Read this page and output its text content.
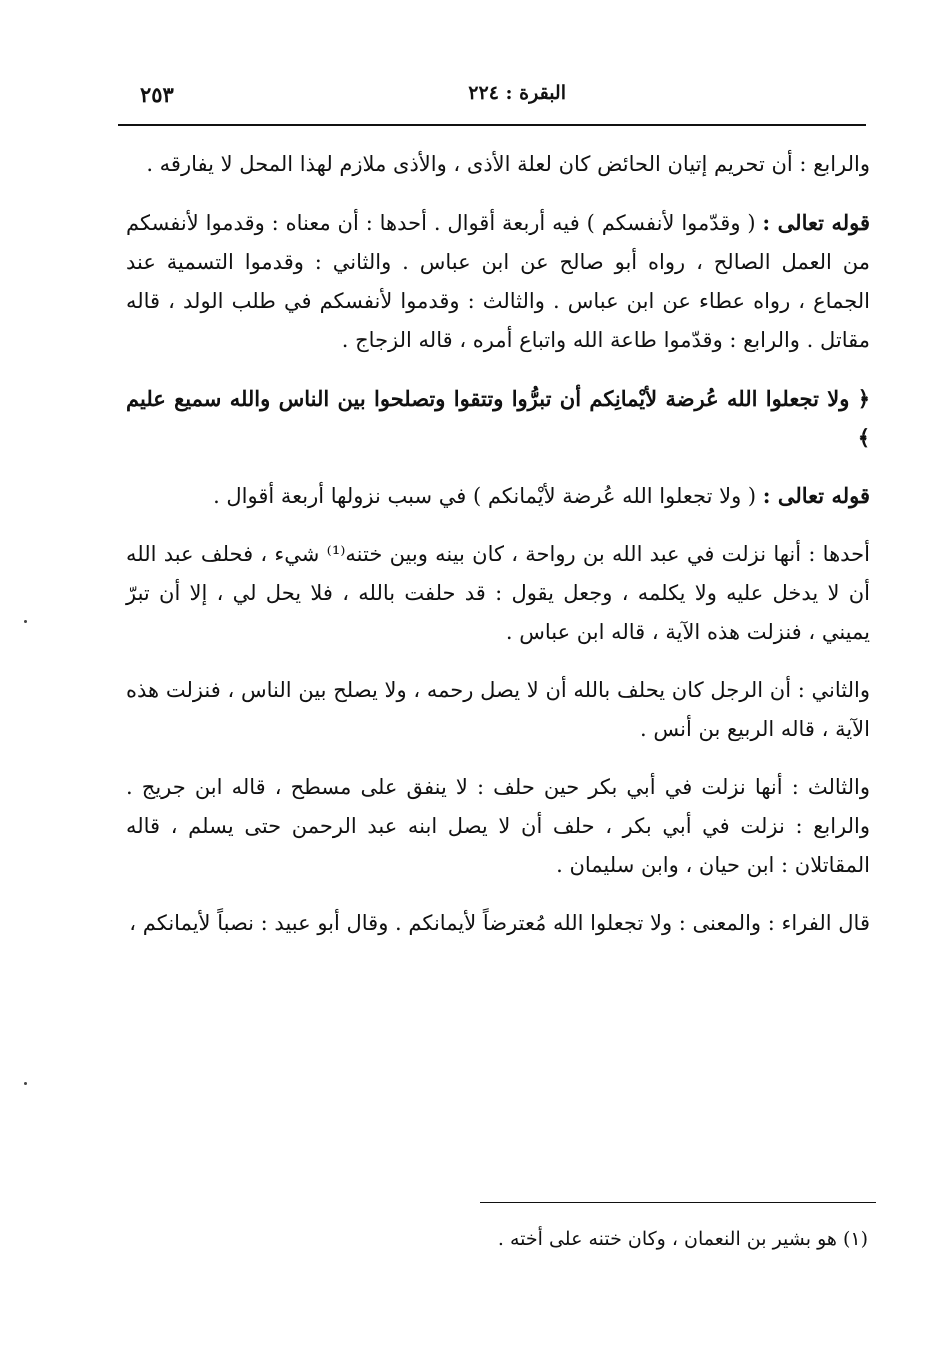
البقرة : ٢٢٤
٢٥٣

والرابع : أن تحريم إتيان الحائض كان لعلة الأذى ، والأذى ملازم لهذا المحل لا يفارقه .

قوله تعالى : ( وقدّموا لأنفسكم ) فيه أربعة أقوال . أحدها : أن معناه : وقدموا لأنفسكم من العمل الصالح ، رواه أبو صالح عن ابن عباس . والثاني : وقدموا التسمية عند الجماع ، رواه عطاء عن ابن عباس . والثالث : وقدموا لأنفسكم في طلب الولد ، قاله مقاتل . والرابع : وقدّموا طاعة الله واتباع أمره ، قاله الزجاج .

﴿ ولا تجعلوا الله عُرضة لأيْمانِكم أن تبرُّوا وتتقوا وتصلحوا بين الناس والله سميع عليم ﴾

قوله تعالى : ( ولا تجعلوا الله عُرضة لأيْمانكم ) في سبب نزولها أربعة أقوال .

أحدها : أنها نزلت في عبد الله بن رواحة ، كان بينه وبين ختنه⁽¹⁾ شيء ، فحلف عبد الله أن لا يدخل عليه ولا يكلمه ، وجعل يقول : قد حلفت بالله ، فلا يحل لي ، إلا أن تبرّ يميني ، فنزلت هذه الآية ، قاله ابن عباس .

والثاني : أن الرجل كان يحلف بالله أن لا يصل رحمه ، ولا يصلح بين الناس ، فنزلت هذه الآية ، قاله الربيع بن أنس .

والثالث : أنها نزلت في أبي بكر حين حلف : لا ينفق على مسطح ، قاله ابن جريج . والرابع : نزلت في أبي بكر ، حلف أن لا يصل ابنه عبد الرحمن حتى يسلم ، قاله المقاتلان : ابن حيان ، وابن سليمان .

قال الفراء : والمعنى : ولا تجعلوا الله مُعترضاً لأيمانكم . وقال أبو عبيد : نصباً لأيمانكم ،

(١) هو بشير بن النعمان ، وكان ختنه على أخته .
